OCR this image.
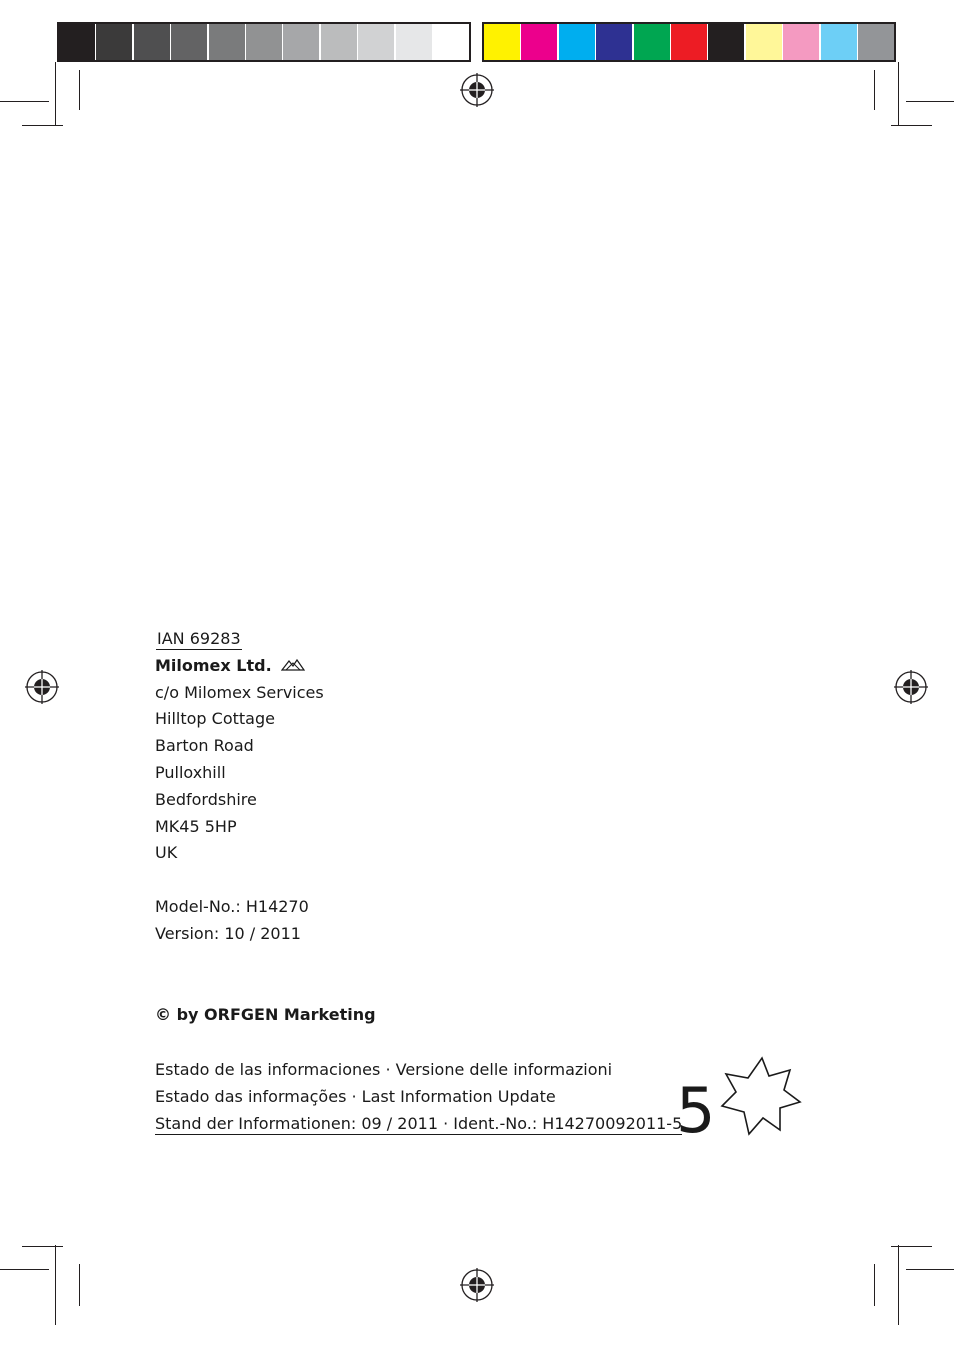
IAN 69283
Milomex Ltd.
c/o Milomex Services
Hilltop Cottage
Barton Road
Pulloxhill
Bedfordshire
MK45 5HP
UK
Model-No.: H14270
Version: 10 / 2011
© by ORFGEN Marketing
Estado de las informaciones · Versione delle informazioni
Estado das informações · Last Information Update
Stand der Informationen: 09 / 2011 · Ident.-No.: H14270092011-5
5
